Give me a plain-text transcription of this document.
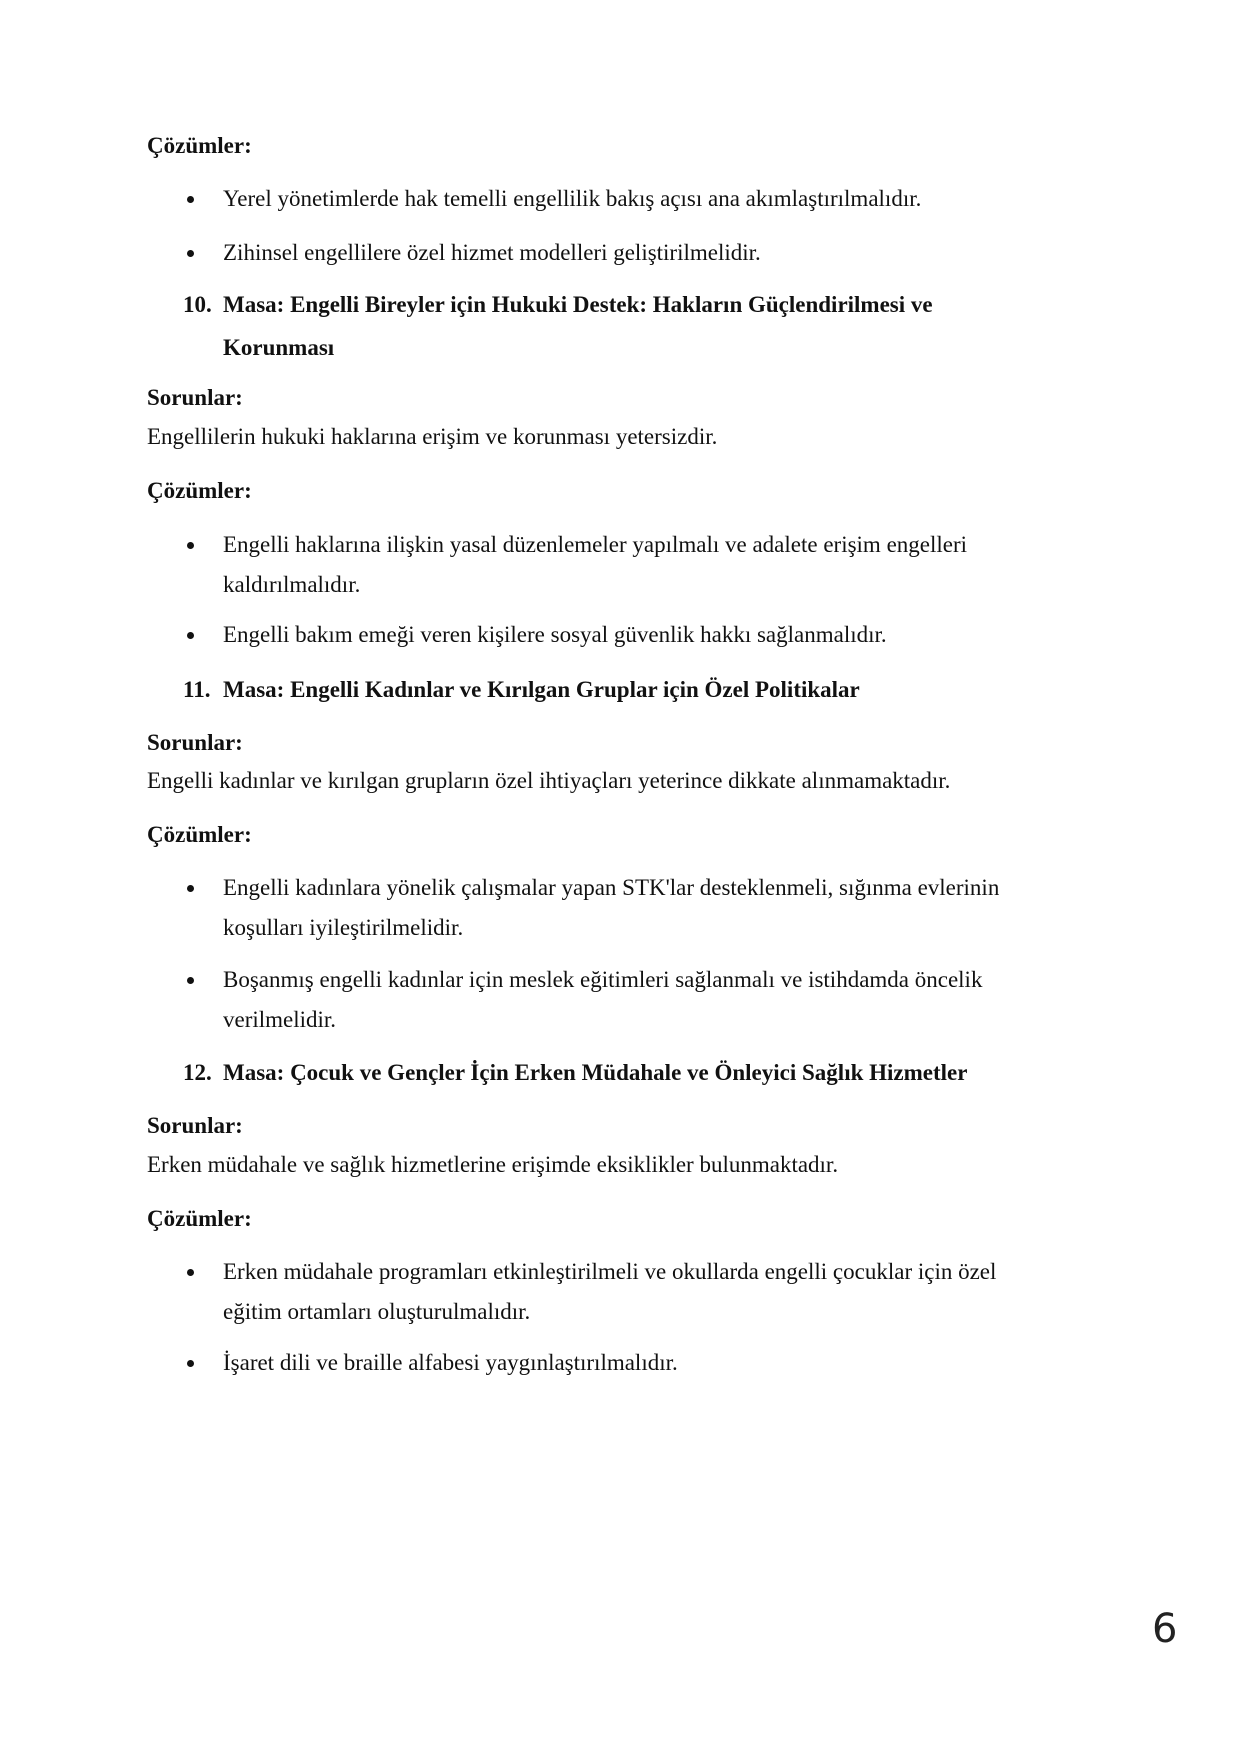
Çözümler:
Yerel yönetimlerde hak temelli engellilik bakış açısı ana akımlaştırılmalıdır.
Zihinsel engellilere özel hizmet modelleri geliştirilmelidir.
10. Masa: Engelli Bireyler için Hukuki Destek: Hakların Güçlendirilmesi ve
Korunması
Sorunlar:
Engellilerin hukuki haklarına erişim ve korunması yetersizdir.
Çözümler:
Engelli haklarına ilişkin yasal düzenlemeler yapılmalı ve adalete erişim engelleri
kaldırılmalıdır.
Engelli bakım emeği veren kişilere sosyal güvenlik hakkı sağlanmalıdır.
11. Masa: Engelli Kadınlar ve Kırılgan Gruplar için Özel Politikalar
Sorunlar:
Engelli kadınlar ve kırılgan grupların özel ihtiyaçları yeterince dikkate alınmamaktadır.
Çözümler:
Engelli kadınlara yönelik çalışmalar yapan STK'lar desteklenmeli, sığınma evlerinin
koşulları iyileştirilmelidir.
Boşanmış engelli kadınlar için meslek eğitimleri sağlanmalı ve istihdamda öncelik
verilmelidir.
12. Masa: Çocuk ve Gençler İçin Erken Müdahale ve Önleyici Sağlık Hizmetler
Sorunlar:
Erken müdahale ve sağlık hizmetlerine erişimde eksiklikler bulunmaktadır.
Çözümler:
Erken müdahale programları etkinleştirilmeli ve okullarda engelli çocuklar için özel
eğitim ortamları oluşturulmalıdır.
İşaret dili ve braille alfabesi yaygınlaştırılmalıdır.
6
